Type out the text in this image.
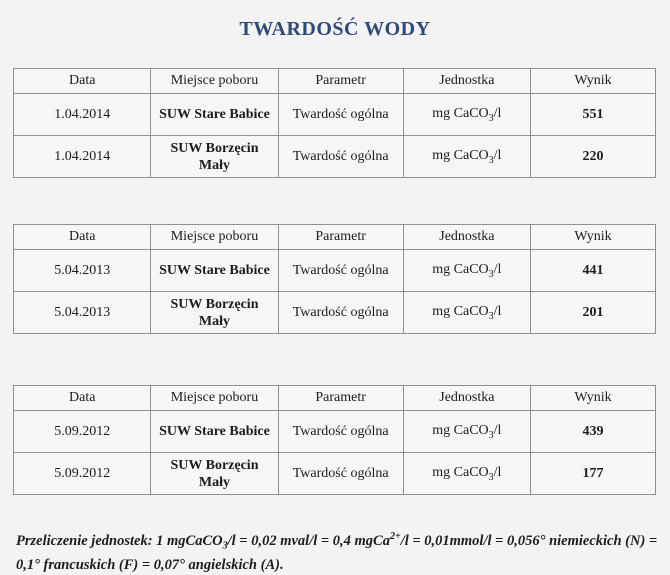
TWARDOŚĆ WODY
Data	Miejsce poboru	Parametr	Jednostka	Wynik
1.04.2014	SUW Stare Babice	Twardość ogólna	mg CaCO$_3$/l	551
1.04.2014	SUW Borzęcin Mały	Twardość ogólna	mg CaCO$_3$/l	220
Data	Miejsce poboru	Parametr	Jednostka	Wynik
5.04.2013	SUW Stare Babice	Twardość ogólna	mg CaCO$_3$/l	441
5.04.2013	SUW Borzęcin Mały	Twardość ogólna	mg CaCO$_3$/l	201
Data	Miejsce poboru	Parametr	Jednostka	Wynik
5.09.2012	SUW Stare Babice	Twardość ogólna	mg CaCO$_3$/l	439
5.09.2012	SUW Borzęcin Mały	Twardość ogólna	mg CaCO$_3$/l	177
Przeliczenie jednostek: 1 mgCaCO$_3$/l = 0,02 mval/l = 0,4 mgCa$^{2+}$/l = 0,01mmol/l = 0,056° niemieckich (N) = 0,1° francuskich (F) = 0,07° angielskich (A).
